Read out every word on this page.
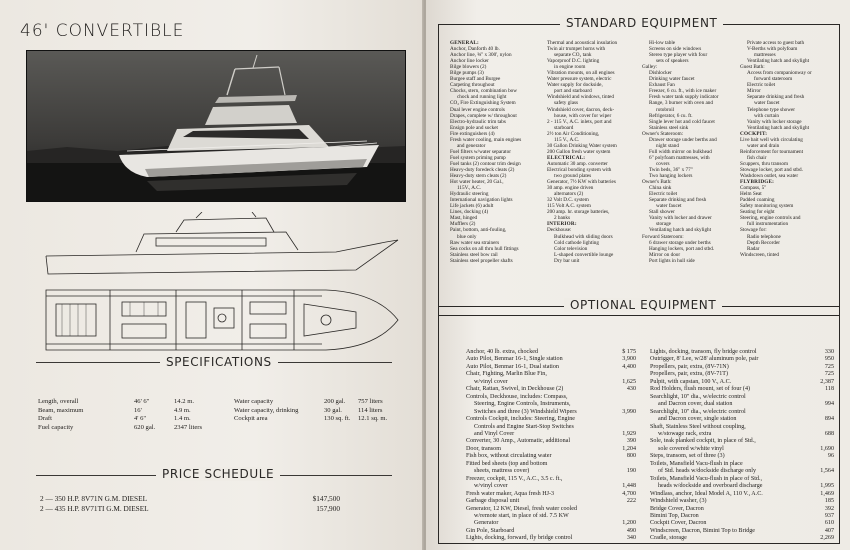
46' CONVERTIBLE
SPECIFICATIONS
Length, overall	46' 6"	14.2 m.
Beam, maximum	16'	4.9 m.
Draft	4' 6"	1.4 m.
Fuel capacity	620 gal.	2347 liters
Water capacity	200 gal.	757 liters
Water capacity, drinking	30 gal.	114 liters
Cockpit area	130 sq. ft.	12.1 sq. m.
PRICE SCHEDULE
2 — 350 H.P. 8V71N G.M. DIESEL	$147,500
2 — 435 H.P. 8V71TI G.M. DIESEL	157,900
STANDARD EQUIPMENT
GENERAL:
Anchor, Danforth 40 lb.
Anchor line, ⅝" x 300', nylon
Anchor line locker
Bilge blowers (2)
Bilge pumps (3)
Burgee staff and Burgee
Carpeting throughout
Chocks, stern, combination bow
chock and running light
CO₂ Fire Extinguishing System
Dual lever engine controls
Drapes, complete w/ throughout
Electro-hydraulic trim tabs
Ensign pole and socket
Fire extinguishers (4)
Fresh water cooling, main engines
and generator
Fuel filters w/water separator
Fuel system priming pump
Fuel tanks (2) contour trim design
Heavy-duty foredeck cleats (2)
Heavy-duty stern cleats (2)
Hot water heater, 20 Gal.,
115V., A.C.
Hydraulic steering
International navigation lights
Life jackets (6) adult
Lines, docking (4)
Mast, hinged
Mufflers (2)
Paint, bottom, anti-fouling,
blue only
Raw water sea strainers
Sea cocks on all thru hull fittings
Stainless steel bow rail
Stainless steel propeller shafts
Thermal and acoustical insulation
Twin air trumpet horns with
separate CO₂ tank
Vaporproof D.C. lighting
in engine room
Vibration mounts, on all engines
Water pressure system, electric
Water supply for dockside,
port and starboard
Windshield and windows, tinted
safety glass
Windshield cover, dacron, deck-
house, with cover for wiper
2 - 115 V., A.C. inlets, port and
starboard
2½ ton Air Conditioning,
115 V., A.C.
30 Gallon Drinking Water system
200 Gallon fresh water system
ELECTRICAL:
Automatic 30 amp. converter
Electrical bonding system with
two ground plates
Generator, 7½ KW with batteries
30 amp. engine driven
alternators (2)
32 Volt D.C. system
115 Volt A.C. system
200 amp. hr. storage batteries,
2 banks
INTERIOR:
Deckhouse:
Bulkhead with sliding doors
Cold cathode lighting
Color television
L-shaped convertible lounge
Dry bar unit
Hi-low table
Screens on side windows
Stereo type player with four
sets of speakers
Galley:
Dishlocker
Drinking water faucet
Exhaust Fan
Freezer, 6 cu. ft., with ice maker
Fresh water tank supply indicator
Range, 3 burner with oven and
rotobroil
Refrigerator, 6 cu. ft.
Single lever hot and cold faucet
Stainless steel sink
Owner's Stateroom:
Drawer storage under berths and
night stand
Full width mirror on bulkhead
6" polyfoam mattresses, with
covers
Twin beds, 36" x 77"
Two hanging lockers
Owner's Bath:
China sink
Electric toilet
Separate drinking and fresh
water faucet
Stall shower
Vanity with locker and drawer
storage
Ventilating hatch and skylight
Forward Stateroom:
6 drawer storage under berths
Hanging lockers, port and stbd.
Mirror on door
Port lights in hull side
Private access to guest bath
V-Berths with polyfoam
mattresses
Ventilating hatch and skylight
Guest Bath:
Access from companionway or
forward stateroom
Electric toilet
Mirror
Separate drinking and fresh
water faucet
Telephone type shower
with curtain
Vanity with locker storage
Ventilating hatch and skylight
COCKPIT:
Live bait well with circulating
water and drain
Reinforcement for tournament
fish chair
Scuppers, thru transom
Stowage locker, port and stbd.
Washdown outlet, sea water
FLYBRIDGE:
Compass, 5"
Helm Seat
Padded coaming
Safety monitoring system
Seating for eight
Steering, engine controls and
full instrumentation
Stowage for:
Radio telephone
Depth Recorder
Radar
Windscreen, tinted
OPTIONAL EQUIPMENT
Anchor, 40 lb. extra, chocked	$ 175
Auto Pilot, Benmar 16-1, Single station	3,900
Auto Pilot, Benmar 16-1, Dual station	4,400
Chair, Fighting, Marlin Blue Fin,
w/vinyl cover	1,625
Chair, Rattan, Swivel, in Deckhouse (2)	430
Controls, Deckhouse, includes: Compass,
Steering, Engine Controls, Instruments,
Switches and three (3) Windshield Wipers	3,990
Controls Cockpit, includes: Steering, Engine
Controls and Engine Start-Stop Switches
and Vinyl Cover	1,929
Converter, 30 Amp., Automatic, additional	390
Door, transom	1,204
Fish box, without circulating water	800
Fitted bed sheets (top and bottom
sheets, mattress cover)	190
Freezer, cockpit, 115 V., A.C., 3.5 c. ft.,
w/vinyl cover	1,448
Fresh water maker, Aqua fresh HJ-3	4,700
Garbage disposal unit	222
Generator, 12 KW, Diesel, fresh water cooled
w/remote start, in place of std. 7.5 KW
Generator	1,200
Gin Pole, Starboard	490
Lights, docking, forward, fly bridge control	340
Lights, docking, transom, fly bridge control	330
Outrigger, 8' Lee, w/28' aluminum pole, pair	950
Propellers, pair, extra, (8V-71N)	725
Propellers, pair, extra, (8V-71T)	725
Pulpit, with capstan, 100 V., A.C.	2,387
Rod Holders, flush mount, set of four (4)	118
Searchlight, 10" dia., w/electric control
and Dacron cover, dual station	994
Searchlight, 10" dia., w/electric control
and Dacron cover, single station	894
Shaft, Stainless Steel without coupling,
w/stowage rack, extra	688
Sole, teak planked cockpit, in place of Std.,
sole covered w/white vinyl	1,690
Steps, transom, set of three (3)	96
Toilets, Mansfield Vacu-flush in place
of Std. heads w/dockside discharge only	1,564
Toilets, Mansfield Vacu-flush in place of Std.,
heads w/dockside and overboard discharge	1,995
Windlass, anchor, Ideal Model A, 110 V., A.C.	1,469
Windshield washer, (3)	185
Bridge Cover, Dacron	392
Bimini Top, Dacron	937
Cockpit Cover, Dacron	610
Windscreen, Dacron, Bimini Top to Bridge	407
Cradle, storage	2,269
